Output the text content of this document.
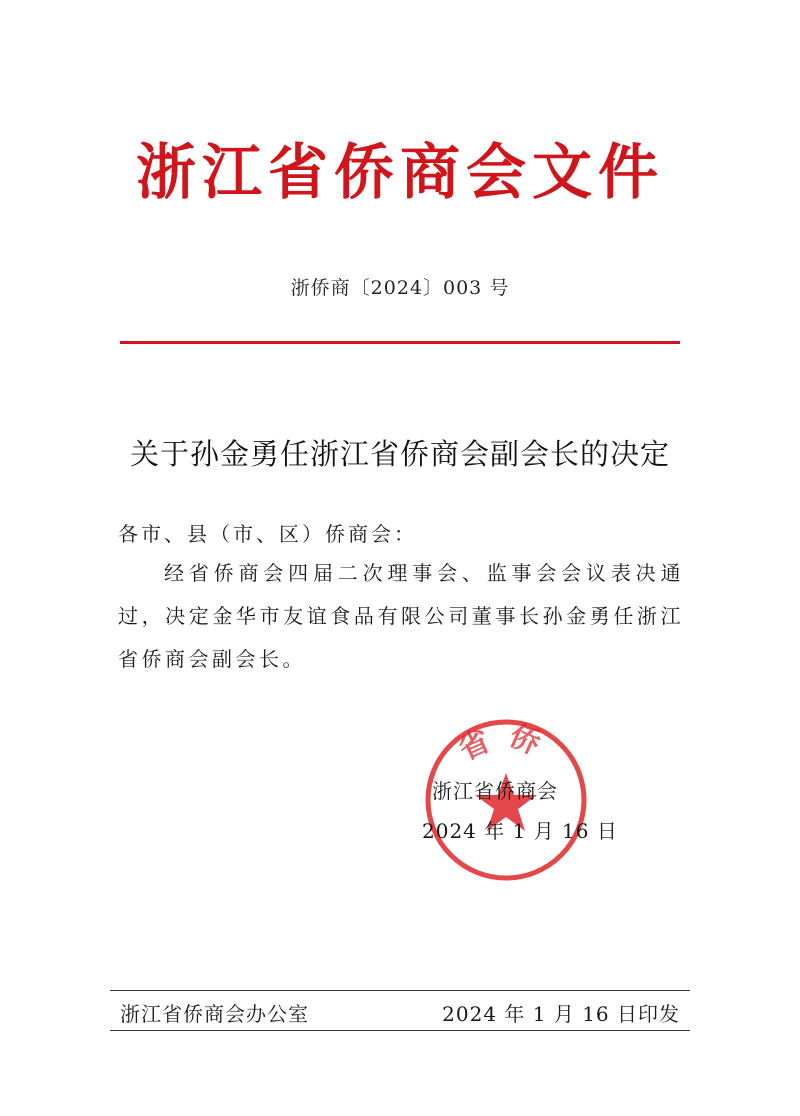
浙江省侨商会文件
浙侨商〔2024〕003 号
关于孙金勇任浙江省侨商会副会长的决定
各市、县（市、区）侨商会：
经省侨商会四届二次理事会、监事会会议表决通过，决定金华市友谊食品有限公司董事长孙金勇任浙江省侨商会副会长。
省侨
浙江省侨商会
2024 年 1 月 16 日
浙江省侨商会办公室	2024 年 1 月 16 日印发
